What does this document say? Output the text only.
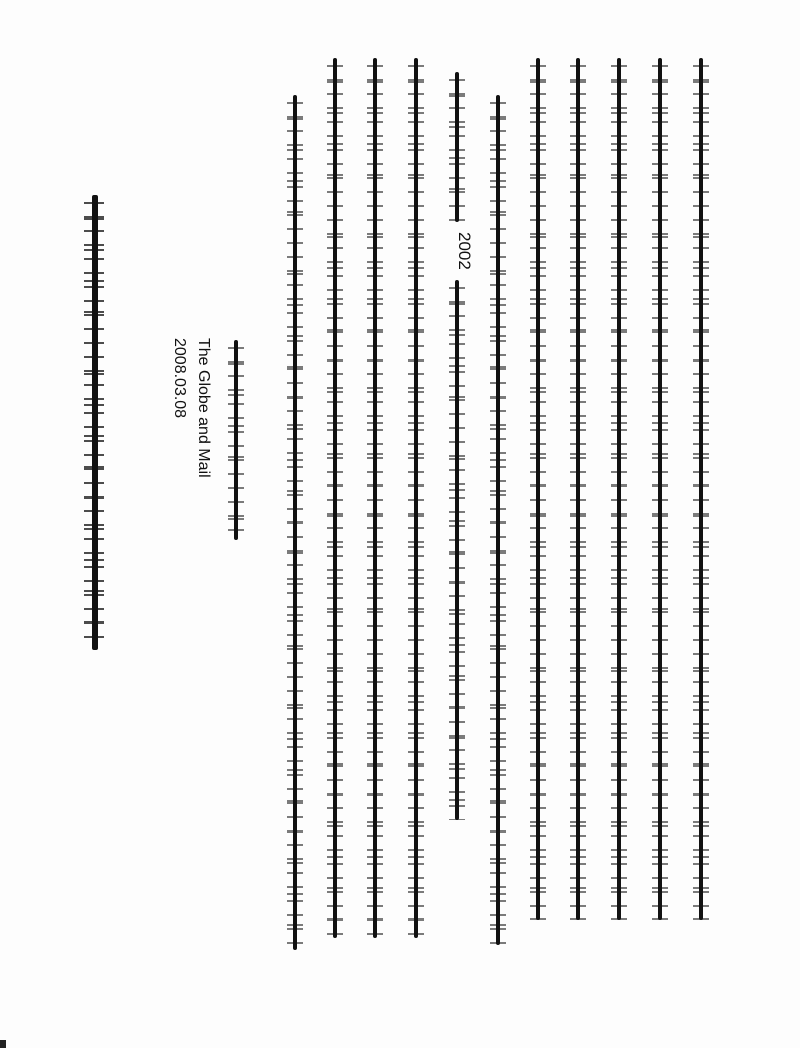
2002
The Globe and Mail
2008.03.08
